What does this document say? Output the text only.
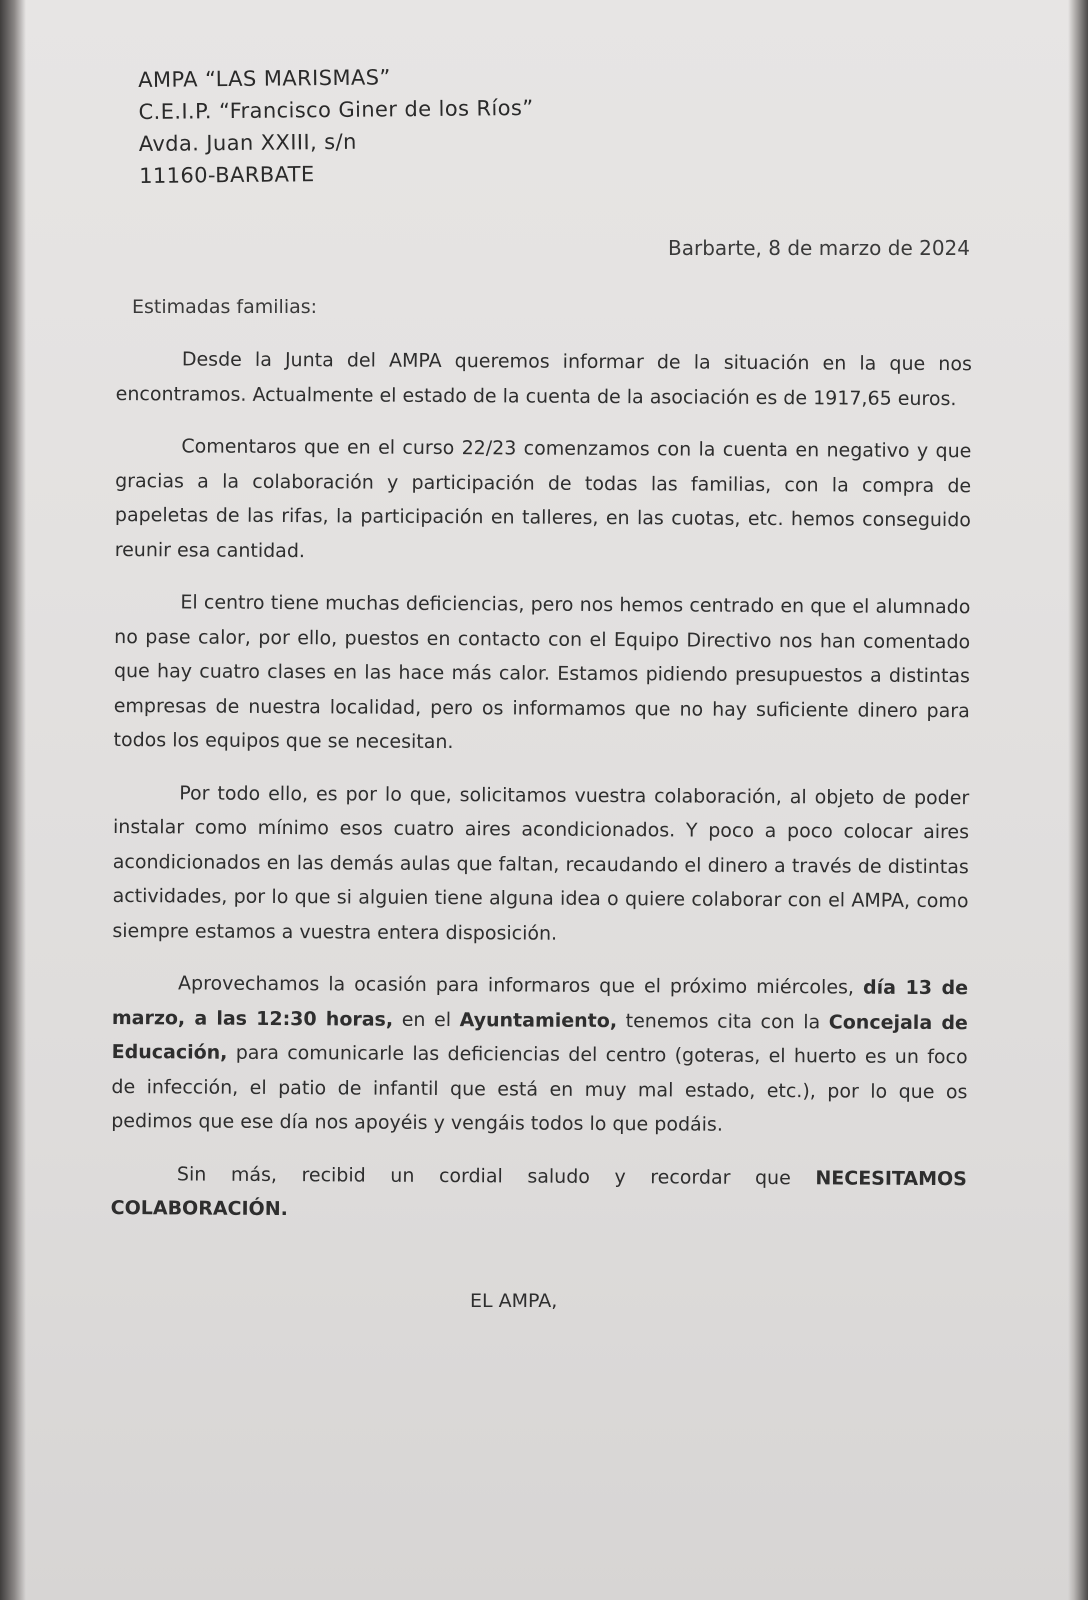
AMPA “LAS MARISMAS”
C.E.I.P. “Francisco Giner de los Ríos”
Avda. Juan XXIII, s/n
11160-BARBATE
Barbarte, 8 de marzo de 2024
Estimadas familias:

Desde la Junta del AMPA queremos informar de la situación en la que nos encontramos. Actualmente el estado de la cuenta de la asociación es de 1917,65 euros.

Comentaros que en el curso 22/23 comenzamos con la cuenta en negativo y que gracias a la colaboración y participación de todas las familias, con la compra de papeletas de las rifas, la participación en talleres, en las cuotas, etc. hemos conseguido reunir esa cantidad.

El centro tiene muchas deficiencias, pero nos hemos centrado en que el alumnado no pase calor, por ello, puestos en contacto con el Equipo Directivo nos han comentado que hay cuatro clases en las hace más calor. Estamos pidiendo presupuestos a distintas empresas de nuestra localidad, pero os informamos que no hay suficiente dinero para todos los equipos que se necesitan.

Por todo ello, es por lo que, solicitamos vuestra colaboración, al objeto de poder instalar como mínimo esos cuatro aires acondicionados. Y poco a poco colocar aires acondicionados en las demás aulas que faltan, recaudando el dinero a través de distintas actividades, por lo que si alguien tiene alguna idea o quiere colaborar con el AMPA, como siempre estamos a vuestra entera disposición.

Aprovechamos la ocasión para informaros que el próximo miércoles, día 13 de marzo, a las 12:30 horas, en el Ayuntamiento, tenemos cita con la Concejala de Educación, para comunicarle las deficiencias del centro (goteras, el huerto es un foco de infección, el patio de infantil que está en muy mal estado, etc.), por lo que os pedimos que ese día nos apoyéis y vengáis todos lo que podáis.

Sin más, recibid un cordial saludo y recordar que NECESITAMOS COLABORACIÓN.

EL AMPA,
